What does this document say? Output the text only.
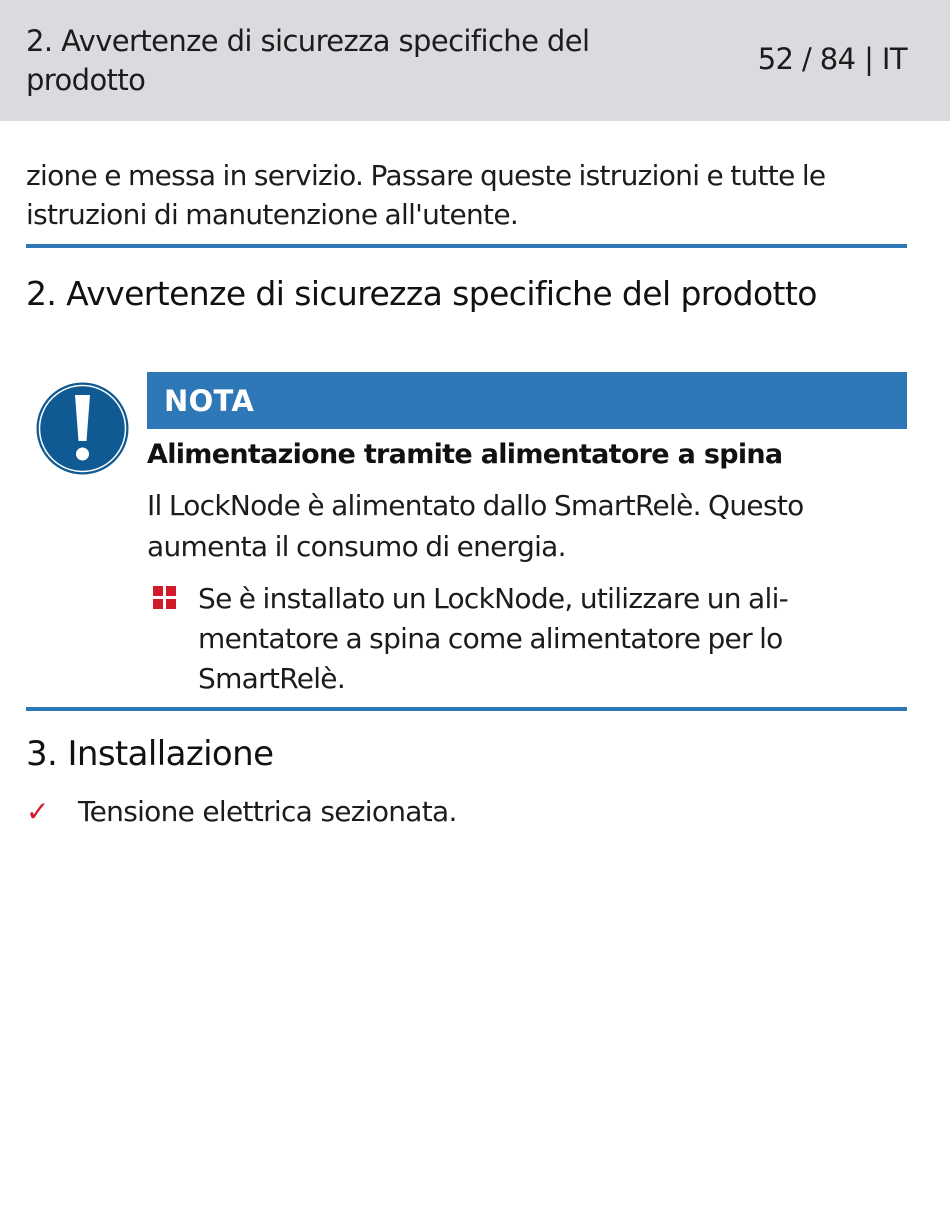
2. Avvertenze di sicurezza specifiche del prodotto
52 / 84 | IT
zione e messa in servizio. Passare queste istruzioni e tutte le istruzioni di manutenzione all'utente.
2. Avvertenze di sicurezza specifiche del prodotto
NOTA
Alimentazione tramite alimentatore a spina
Il LockNode è alimentato dallo SmartRelè. Questo aumenta il consumo di energia.
Se è installato un LockNode, utilizzare un alimentatore a spina come alimentatore per lo SmartRelè.
3. Installazione
✓ Tensione elettrica sezionata.
